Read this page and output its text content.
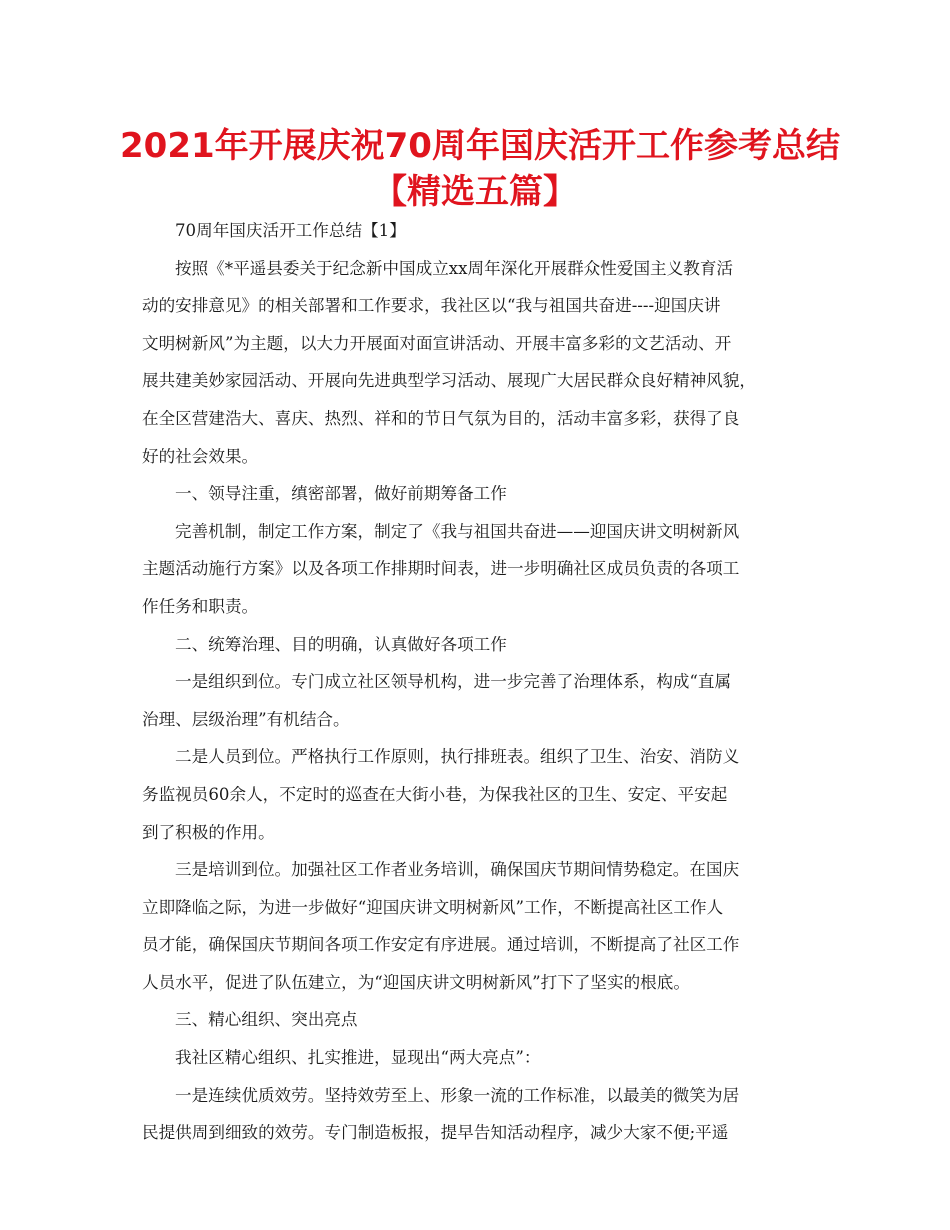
2021年开展庆祝70周年国庆活开工作参考总结
【精选五篇】
70周年国庆活开工作总结【1】
按照《*平遥县委关于纪念新中国成立xx周年深化开展群众性爱国主义教育活
动的安排意见》的相关部署和工作要求，我社区以“我与祖国共奋进----迎国庆讲
文明树新风”为主题，以大力开展面对面宣讲活动、开展丰富多彩的文艺活动、开
展共建美妙家园活动、开展向先进典型学习活动、展现广大居民群众良好精神风貌，
在全区营建浩大、喜庆、热烈、祥和的节日气氛为目的，活动丰富多彩，获得了良
好的社会效果。
一、领导注重，缜密部署，做好前期筹备工作
完善机制，制定工作方案，制定了《我与祖国共奋进——迎国庆讲文明树新风
主题活动施行方案》以及各项工作排期时间表，进一步明确社区成员负责的各项工
作任务和职责。
二、统筹治理、目的明确，认真做好各项工作
一是组织到位。专门成立社区领导机构，进一步完善了治理体系，构成“直属
治理、层级治理”有机结合。
二是人员到位。严格执行工作原则，执行排班表。组织了卫生、治安、消防义
务监视员60余人，不定时的巡查在大街小巷，为保我社区的卫生、安定、平安起
到了积极的作用。
三是培训到位。加强社区工作者业务培训，确保国庆节期间情势稳定。在国庆
立即降临之际，为进一步做好“迎国庆讲文明树新风”工作，不断提高社区工作人
员才能，确保国庆节期间各项工作安定有序进展。通过培训，不断提高了社区工作
人员水平，促进了队伍建立，为“迎国庆讲文明树新风”打下了坚实的根底。
三、精心组织、突出亮点
我社区精心组织、扎实推进，显现出“两大亮点”：
一是连续优质效劳。坚持效劳至上、形象一流的工作标准，以最美的微笑为居
民提供周到细致的效劳。专门制造板报，提早告知活动程序，减少大家不便;平遥
